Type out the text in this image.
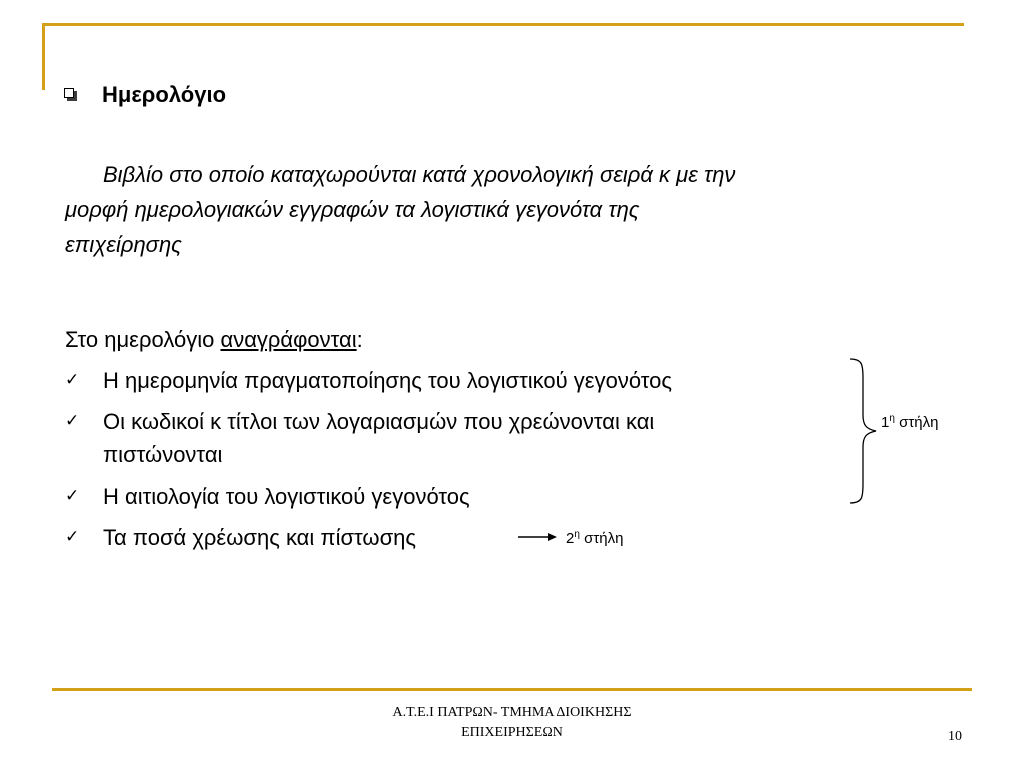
Ημερολόγιο
Βιβλίο στο οποίο καταχωρούνται κατά χρονολογική σειρά κ με την
μορφή ημερολογιακών εγγραφών τα λογιστικά γεγονότα της
επιχείρησης
Στο ημερολόγιο αναγράφονται:
✓ Η ημερομηνία πραγματοποίησης του λογιστικού γεγονότος
✓ Οι κωδικοί κ τίτλοι των λογαριασμών που χρεώνονται και
πιστώνονται
✓ Η αιτιολογία του λογιστικού γεγονότος
✓ Τα ποσά χρέωσης και πίστωσης
$1^\eta$ στήλη
$2^\eta$ στήλη
Α.Τ.Ε.Ι ΠΑΤΡΩΝ- ΤΜΗΜΑ ΔΙΟΙΚΗΣΗΣ
ΕΠΙΧΕΙΡΗΣΕΩΝ	10
